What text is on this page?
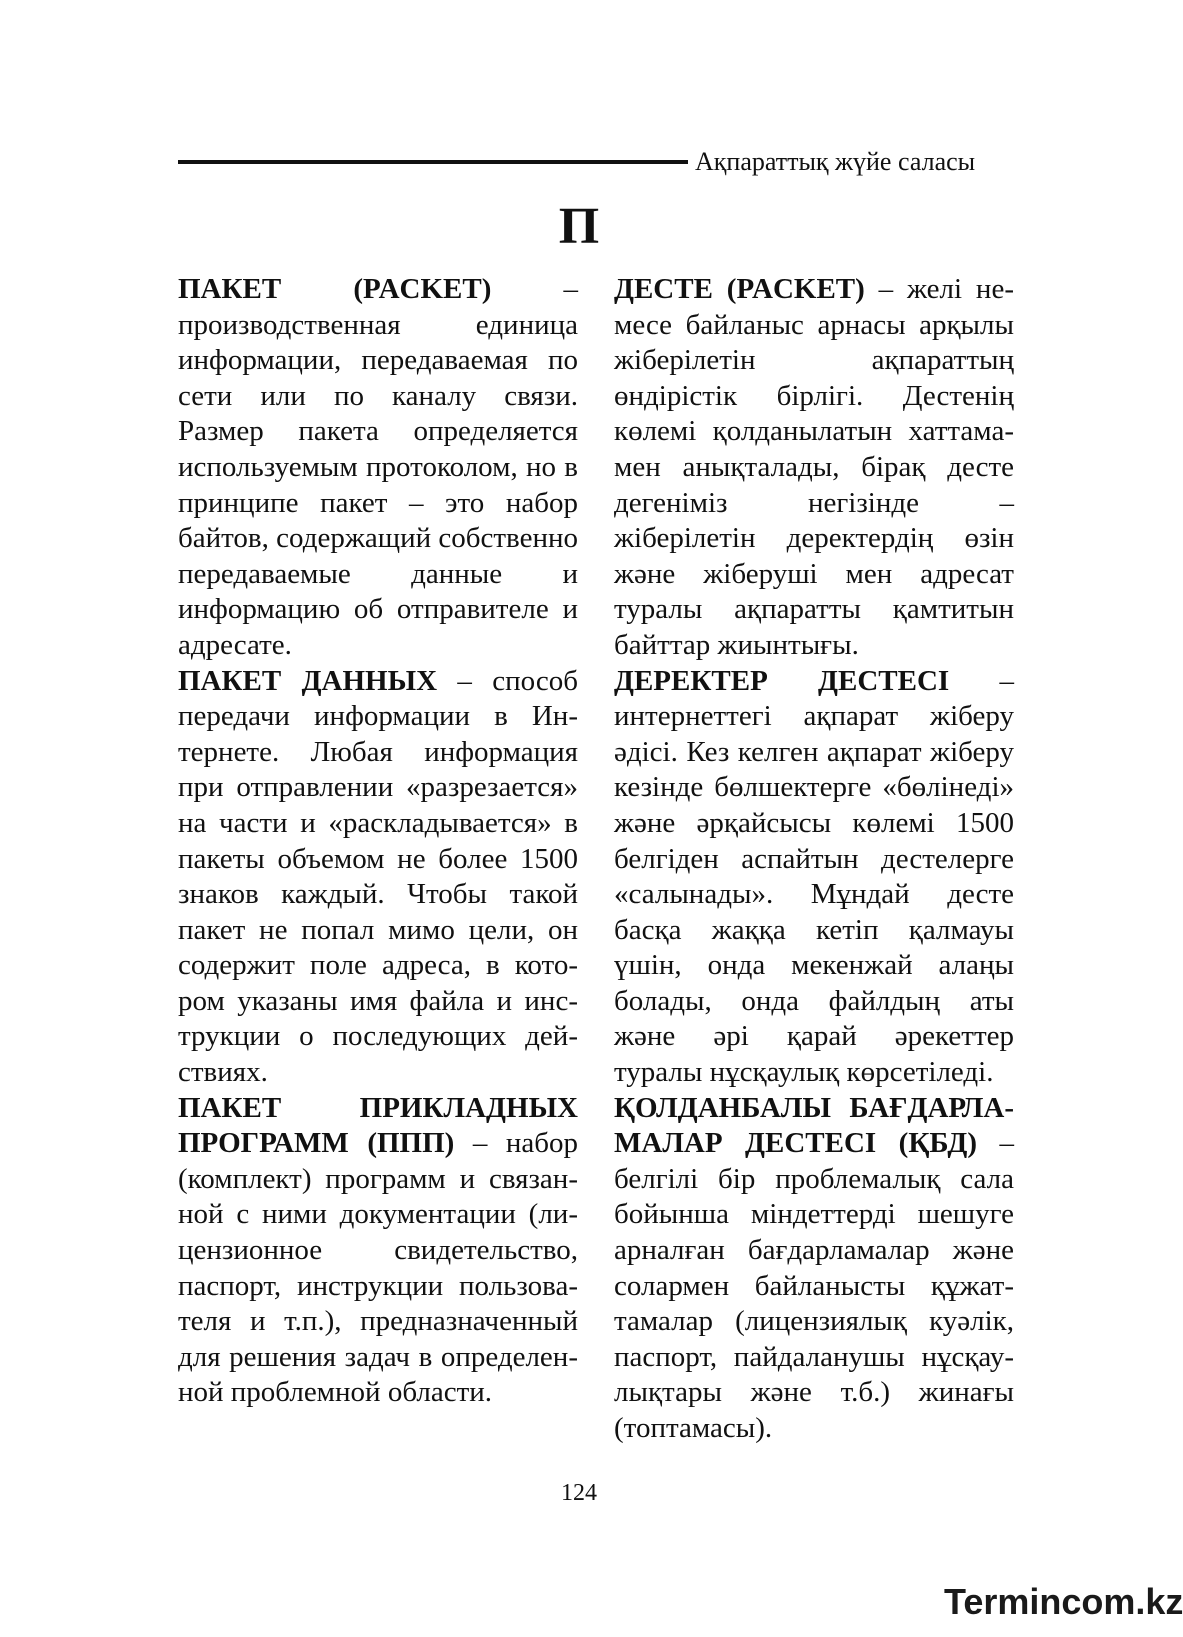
Ақпараттық жүйе саласы
П

ПАКЕТ (PACKET) – производственная единица информации, передаваемая по сети или по каналу связи. Размер пакета определяется используемым протоколом, но в принципе пакет – это набор байтов, содержащий собственно передаваемые данные и информацию об отправителе и адресате.

ПАКЕТ ДАННЫХ – способ передачи информации в Интернете. Любая информация при отправлении «разрезается» на части и «раскладывается» в пакеты объемом не более 1500 знаков каждый. Чтобы такой пакет не попал мимо цели, он содержит поле адреса, в котором указаны имя файла и инструкции о последующих действиях.

ПАКЕТ ПРИКЛАДНЫХ ПРОГРАММ (ППП) – набор (комплект) программ и связанной с ними документации (лицензионное свидетельство, паспорт, инструкции пользователя и т.п.), предназначенный для решения задач в определенной проблемной области.

ДЕСТЕ (PACKET) – желі немесе байланыс арнасы арқылы жіберілетін ақпараттың өндірістік бірлігі. Дестенің көлемі қолданылатын хаттамамен анықталады, бірақ десте дегеніміз негізінде – жіберілетін деректердің өзін және жіберуші мен адресат туралы ақпаратты қамтитын байттар жиынтығы.

ДЕРЕКТЕР ДЕСТЕСІ – интернеттегі ақпарат жіберу әдісі. Кез келген ақпарат жіберу кезінде бөлшектерге «бөлінеді» және әрқайсысы көлемі 1500 белгіден аспайтын дестелерге «салынады». Мұндай десте басқа жаққа кетіп қалмауы үшін, онда мекенжай алаңы болады, онда файлдың аты және әрі қарай әрекеттер туралы нұсқаулық көрсетіледі.

ҚОЛДАНБАЛЫ БАҒДАРЛАМАЛАР ДЕСТЕСІ (ҚБД) – белгілі бір проблемалық сала бойынша міндеттерді шешуге арналған бағдарламалар және солармен байланысты құжаттамалар (лицензиялық куәлік, паспорт, пайдаланушы нұсқаулықтары және т.б.) жинағы (топтамасы).

124
Termincom.kz
